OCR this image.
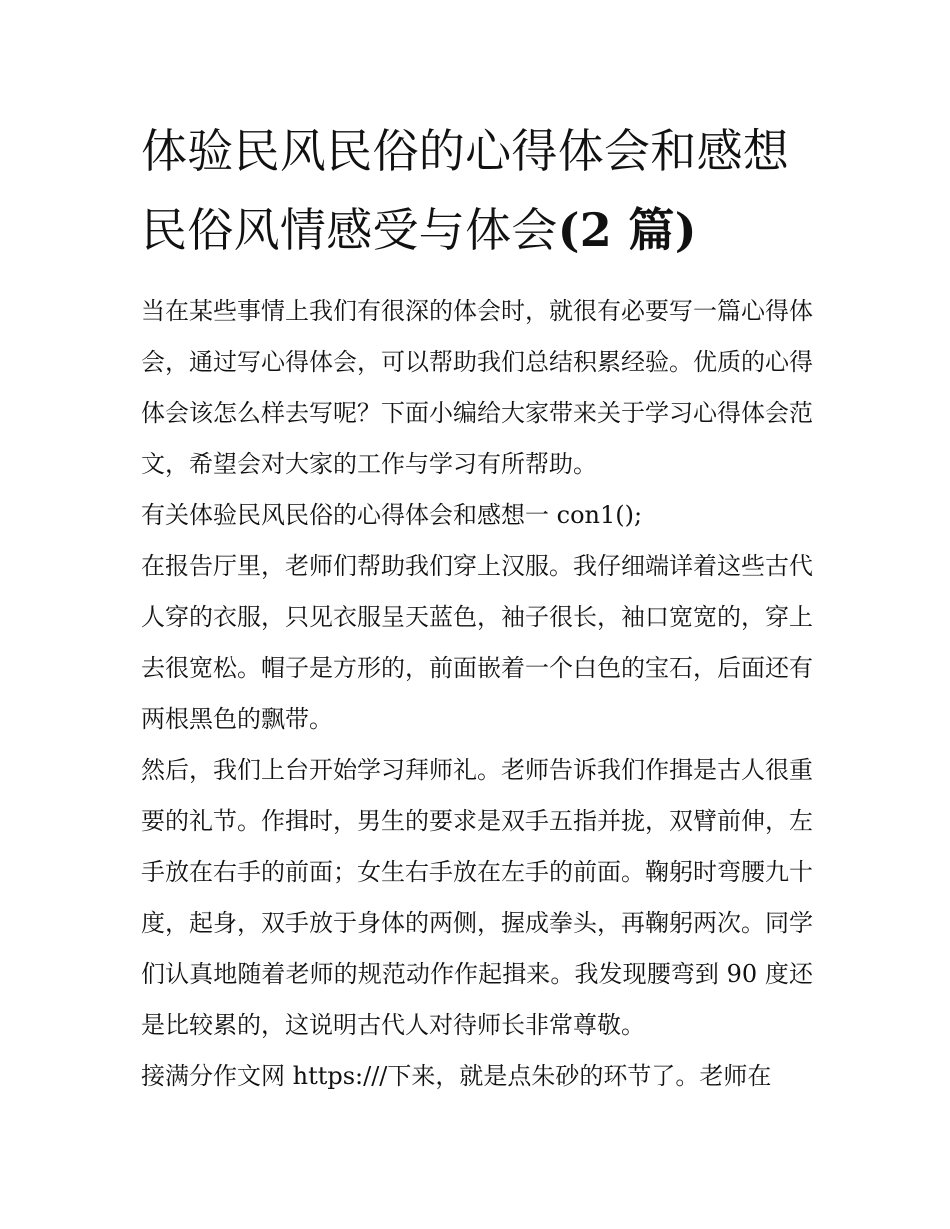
体验民风民俗的心得体会和感想 民俗风情感受与体会(2 篇)

当在某些事情上我们有很深的体会时，就很有必要写一篇心得体会，通过写心得体会，可以帮助我们总结积累经验。优质的心得体会该怎么样去写呢？下面小编给大家带来关于学习心得体会范文，希望会对大家的工作与学习有所帮助。

有关体验民风民俗的心得体会和感想一 con1();

在报告厅里，老师们帮助我们穿上汉服。我仔细端详着这些古代人穿的衣服，只见衣服呈天蓝色，袖子很长，袖口宽宽的，穿上去很宽松。帽子是方形的，前面嵌着一个白色的宝石，后面还有两根黑色的飘带。

然后，我们上台开始学习拜师礼。老师告诉我们作揖是古人很重要的礼节。作揖时，男生的要求是双手五指并拢，双臂前伸，左手放在右手的前面；女生右手放在左手的前面。鞠躬时弯腰九十度，起身，双手放于身体的两侧，握成拳头，再鞠躬两次。同学们认真地随着老师的规范动作作起揖来。我发现腰弯到 90 度还是比较累的，这说明古代人对待师长非常尊敬。

接满分作文网 https:///下来，就是点朱砂的环节了。老师在
